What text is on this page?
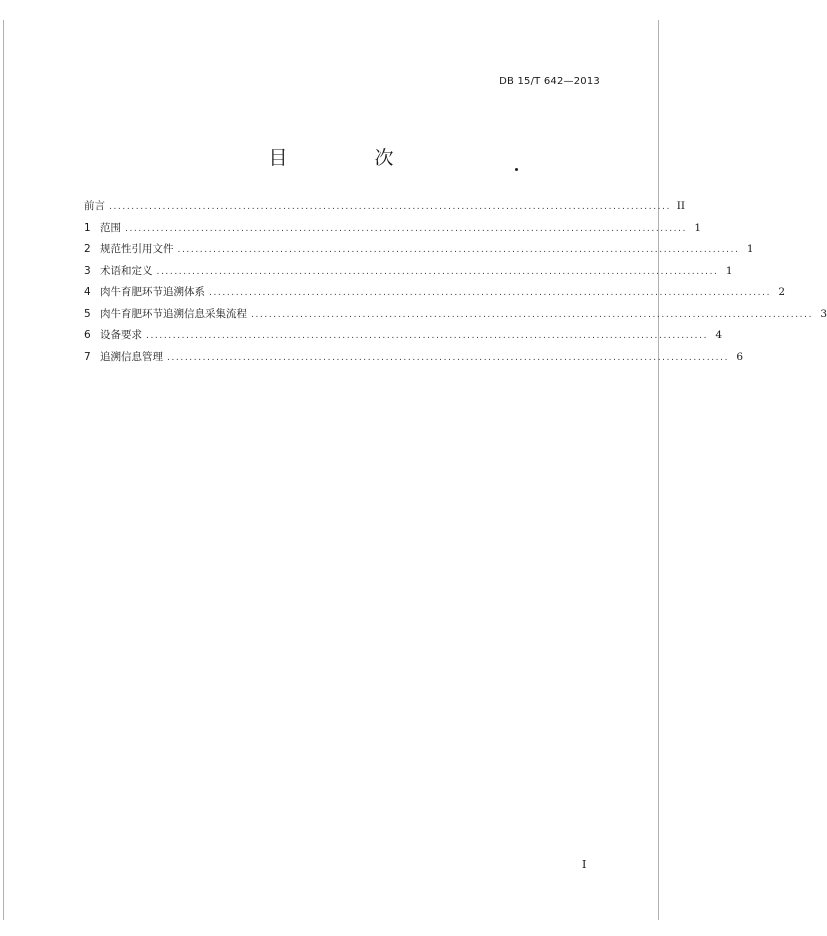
DB 15/T 642—2013
目　次
前言 .............................................................................................................................. II
1 范围 .............................................................................................................................. 1
2 规范性引用文件 .............................................................................................................................. 1
3 术语和定义 .............................................................................................................................. 1
4 肉牛育肥环节追溯体系 .............................................................................................................................. 2
5 肉牛育肥环节追溯信息采集流程 .............................................................................................................................. 3
6 设备要求 .............................................................................................................................. 4
7 追溯信息管理 .............................................................................................................................. 6
I
